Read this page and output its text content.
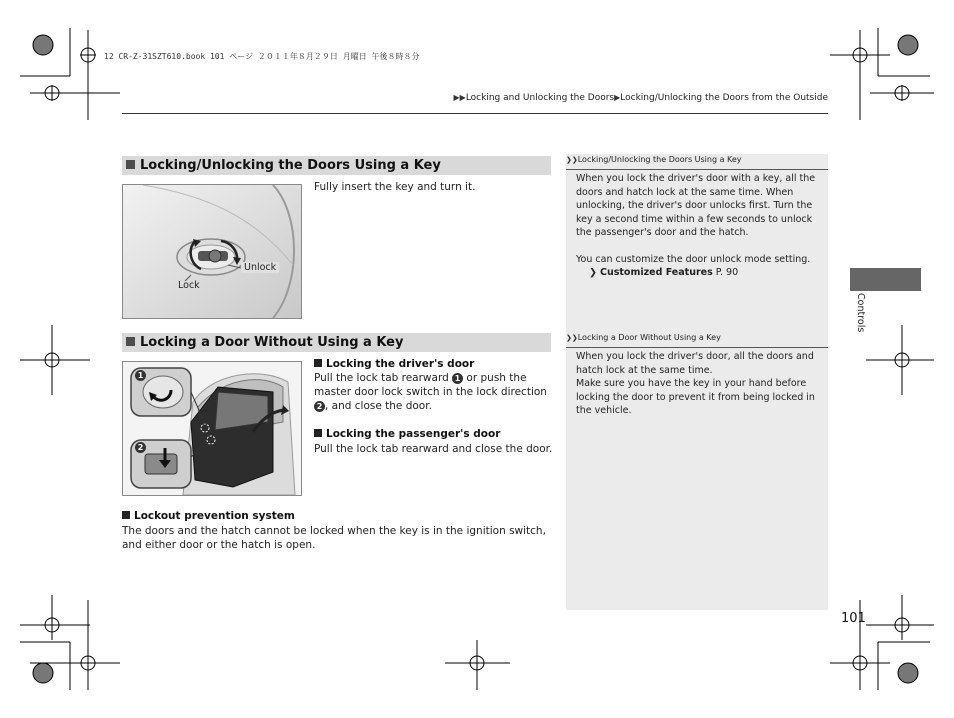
12 CR-Z-31SZT610.book 101 ページ ２０１１年８月２９日 月曜日 午後８時８分
▶▶Locking and Unlocking the Doors▶Locking/Unlocking the Doors from the Outside
Locking/Unlocking the Doors Using a Key
Unlock
Lock
Fully insert the key and turn it.
❯❯Locking/Unlocking the Doors Using a Key

When you lock the driver's door with a key, all the doors and hatch lock at the same time. When unlocking, the driver's door unlocks first. Turn the key a second time within a few seconds to unlock the passenger's door and the hatch.

You can customize the door unlock mode setting.

❯ Customized Features P. 90

Locking a Door Without Using a Key
1
2
Locking the driver's door
Pull the lock tab rearward 1 or push the master door lock switch in the lock direction 2 , and close the door.
Locking the passenger's door
Pull the lock tab rearward and close the door.
❯❯Locking a Door Without Using a Key

When you lock the driver's door, all the doors and hatch lock at the same time.

Make sure you have the key in your hand before locking the door to prevent it from being locked in the vehicle.

Lockout prevention system
The doors and the hatch cannot be locked when the key is in the ignition switch, and either door or the hatch is open.
Controls
101
